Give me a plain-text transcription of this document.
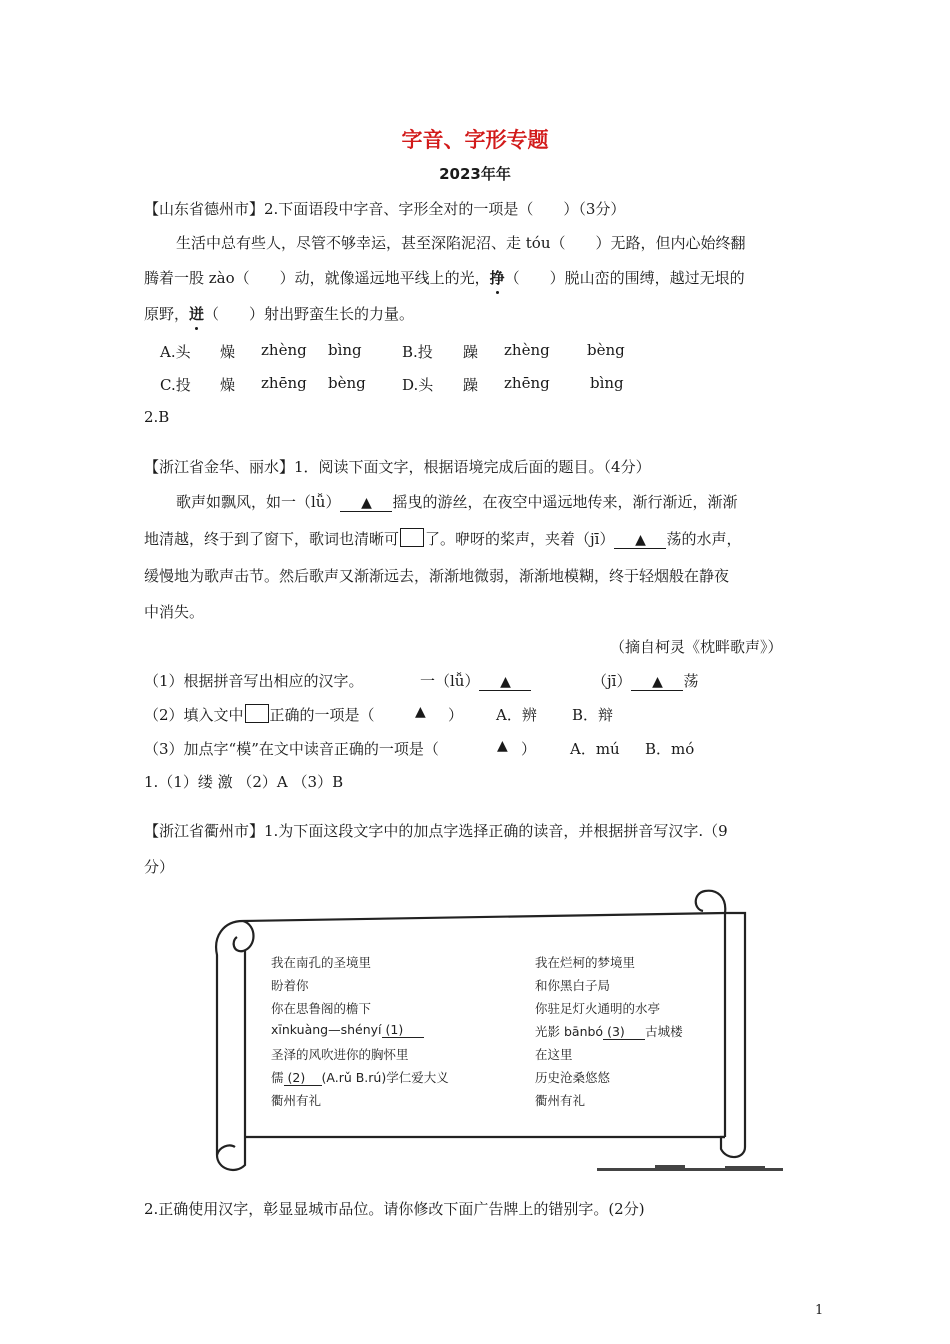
字音、字形专题
2023年年
【山东省德州市】2.下面语段中字音、字形全对的一项是（　　）（3分）
生活中总有些人，尽管不够幸运，甚至深陷泥沼、走 tóu（　　）无路，但内心始终翻
腾着一股 zào（　　）动，就像遥远地平线上的光，挣（　　）脱山峦的围缚，越过无垠的
原野，迸（　　）射出野蛮生长的力量。
A.头 燥 zhèng bìng	B.投 躁 zhèng bèng
C.投 燥 zhēng bèng D.头 躁 zhēng	bìng
2.B
【浙江省金华、丽水】1．阅读下面文字，根据语境完成后面的题目。（4分）
歌声如飘风，如一（lǚ） ▲ 摇曳的游丝，在夜空中遥远地传来，渐行渐近，渐渐
地清越，终于到了窗下，歌词也清晰可 了。咿呀的桨声，夹着（jī） ▲ 荡的水声，
缓慢地为歌声击节。然后歌声又渐渐远去，渐渐地微弱，渐渐地模糊，终于轻烟般在静夜
中消失。
（摘自柯灵《枕畔歌声》）
（1）根据拼音写出相应的汉字。	一（lǚ） ▲	（jī） ▲ 荡
（2）填入文中 正确的一项是（	▲ ） A．辨 B．辩
（3）加点字“模”在文中读音正确的一项是（	▲ ） A．mú B．mó
1.（1）缕 激 （2）A （3）B
【浙江省衢州市】1.为下面这段文字中的加点字选择正确的读音，并根据拼音写汉字.（9
分）
我在南孔的圣境里
盼着你
你在思鲁阁的檐下
xīnkuàng—shényí (1)
圣泽的风吹进你的胸怀里
儒 (2) (A.rǔ B.rú)学仁爱大义
衢州有礼
我在烂柯的梦境里
和你黑白子局
你驻足灯火通明的水亭
光影 bānbó (3) 古城楼
在这里
历史沧桑悠悠
衢州有礼
2.正确使用汉字，彰显显城市品位。请你修改下面广告牌上的错别字。(2分)
1
